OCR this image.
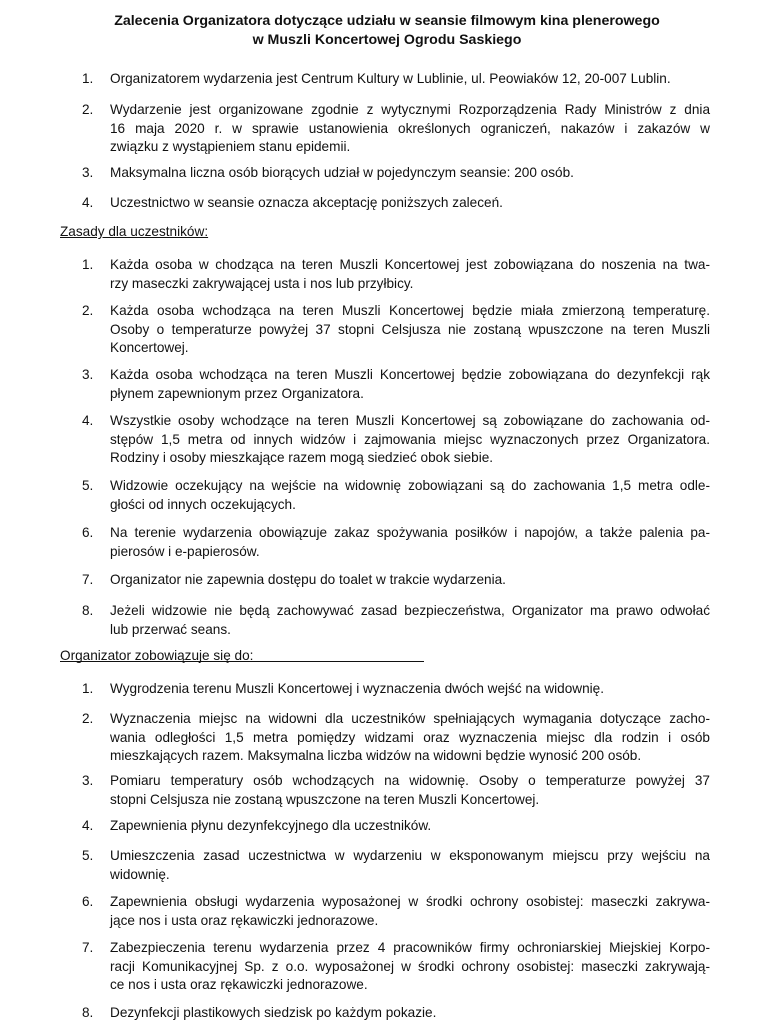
Zalecenia Organizatora dotyczące udziału w seansie filmowym kina plenerowego
w Muszli Koncertowej Ogrodu Saskiego
1.	Organizatorem wydarzenia jest Centrum Kultury w Lublinie, ul. Peowiaków 12, 20-007 Lublin.
2.	Wydarzenie jest organizowane zgodnie z wytycznymi Rozporządzenia Rady Ministrów z dnia
16 maja 2020 r. w sprawie ustanowienia określonych ograniczeń, nakazów i zakazów w
związku z wystąpieniem stanu epidemii.
3.	Maksymalna liczna osób biorących udział w pojedynczym seansie: 200 osób.
4.	Uczestnictwo w seansie oznacza akceptację poniższych zaleceń.
Zasady dla uczestników:
1.	Każda osoba w chodząca na teren Muszli Koncertowej jest zobowiązana do noszenia na twa-
rzy maseczki zakrywającej usta i nos lub przyłbicy.
2.	Każda osoba wchodząca na teren Muszli Koncertowej będzie miała zmierzoną temperaturę.
Osoby o temperaturze powyżej 37 stopni Celsjusza nie zostaną wpuszczone na teren Muszli
Koncertowej.
3.	Każda osoba wchodząca na teren Muszli Koncertowej będzie zobowiązana do dezynfekcji rąk
płynem zapewnionym przez Organizatora.
4.	Wszystkie osoby wchodzące na teren Muszli Koncertowej są zobowiązane do zachowania od-
stępów 1,5 metra od innych widzów i zajmowania miejsc wyznaczonych przez Organizatora.
Rodziny i osoby mieszkające razem mogą siedzieć obok siebie.
5.	Widzowie oczekujący na wejście na widownię zobowiązani są do zachowania 1,5 metra odle-
głości od innych oczekujących.
6.	Na terenie wydarzenia obowiązuje zakaz spożywania posiłków i napojów, a także palenia pa-
pierosów i e-papierosów.
7.	Organizator nie zapewnia dostępu do toalet w trakcie wydarzenia.
8.	Jeżeli widzowie nie będą zachowywać zasad bezpieczeństwa, Organizator ma prawo odwołać
lub przerwać seans.
Organizator zobowiązuje się do:
1.	Wygrodzenia terenu Muszli Koncertowej i wyznaczenia dwóch wejść na widownię.
2.	Wyznaczenia miejsc na widowni dla uczestników spełniających wymagania dotyczące zacho-
wania odległości 1,5 metra pomiędzy widzami oraz wyznaczenia miejsc dla rodzin i osób
mieszkających razem. Maksymalna liczba widzów na widowni będzie wynosić 200 osób.
3.	Pomiaru temperatury osób wchodzących na widownię. Osoby o temperaturze powyżej 37
stopni Celsjusza nie zostaną wpuszczone na teren Muszli Koncertowej.
4.	Zapewnienia płynu dezynfekcyjnego dla uczestników.
5.	Umieszczenia zasad uczestnictwa w wydarzeniu w eksponowanym miejscu przy wejściu na
widownię.
6.	Zapewnienia obsługi wydarzenia wyposażonej w środki ochrony osobistej: maseczki zakrywa-
jące nos i usta oraz rękawiczki jednorazowe.
7.	Zabezpieczenia terenu wydarzenia przez 4 pracowników firmy ochroniarskiej Miejskiej Korpo-
racji Komunikacyjnej Sp. z o.o. wyposażonej w środki ochrony osobistej: maseczki zakrywają-
ce nos i usta oraz rękawiczki jednorazowe.
8.	Dezynfekcji plastikowych siedzisk po każdym pokazie.
